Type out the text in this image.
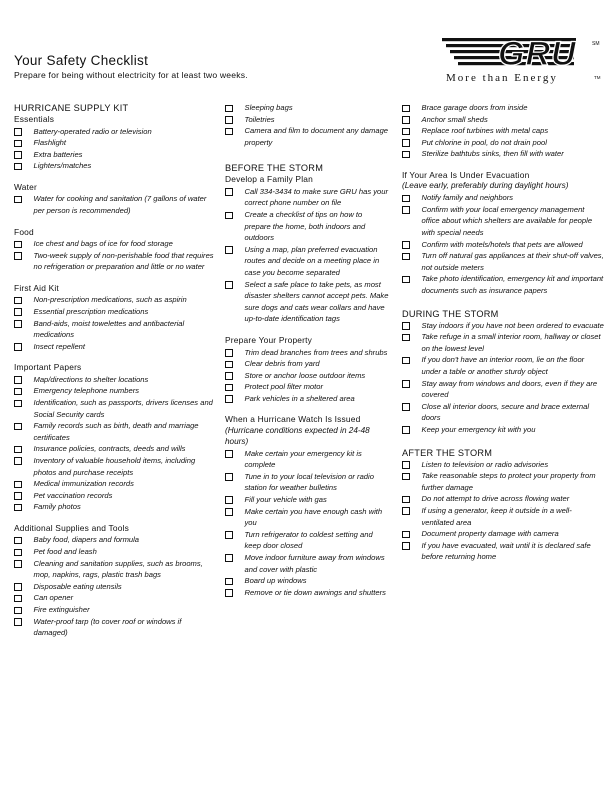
Your Safety Checklist
Prepare for being without electricity for at least two weeks.
GRU	SM
TM
More than Energy
HURRICANE SUPPLY KIT
Essentials
Battery-operated radio or television
Flashlight
Extra batteries
Lighters/matches
Water
Water for cooking and sanitation (7 gallons of water per person is recommended)
Food
Ice chest and bags of ice for food storage
Two-week supply of non-perishable food that requires no refrigeration or preparation and little or no water
First Aid Kit
Non-prescription medications, such as aspirin
Essential prescription medications
Band-aids, moist towelettes and antibacterial medications
Insect repellent
Important Papers
Map/directions to shelter locations
Emergency telephone numbers
Identification, such as passports, drivers licenses and Social Security cards
Family records such as birth, death and marriage certificates
Insurance policies, contracts, deeds and wills
Inventory of valuable household items, including photos and purchase receipts
Medical immunization records
Pet vaccination records
Family photos
Additional Supplies and Tools
Baby food, diapers and formula
Pet food and leash
Cleaning and sanitation supplies, such as brooms, mop, napkins, rags, plastic trash bags
Disposable eating utensils
Can opener
Fire extinguisher
Water-proof tarp (to cover roof or windows if damaged)
Sleeping bags
Toiletries
Camera and film to document any damage property
BEFORE THE STORM
Develop a Family Plan
Call 334-3434 to make sure GRU has your correct phone number on file
Create a checklist of tips on how to prepare the home, both indoors and outdoors
Using a map, plan preferred evacuation routes and decide on a meeting place in case you become separated
Select a safe place to take pets, as most disaster shelters cannot accept pets. Make sure dogs and cats wear collars and have up-to-date identification tags
Prepare Your Property
Trim dead branches from trees and shrubs
Clear debris from yard
Store or anchor loose outdoor items
Protect pool filter motor
Park vehicles in a sheltered area
When a Hurricane Watch Is Issued
(Hurricane conditions expected in 24-48 hours)
Make certain your emergency kit is complete
Tune in to your local television or radio station for weather bulletins
Fill your vehicle with gas
Make certain you have enough cash with you
Turn refrigerator to coldest setting and keep door closed
Move indoor furniture away from windows and cover with plastic
Board up windows
Remove or tie down awnings and shutters
Brace garage doors from inside
Anchor small sheds
Replace roof turbines with metal caps
Put chlorine in pool, do not drain pool
Sterilize bathtubs sinks, then fill with water
If Your Area Is Under Evacuation
(Leave early, preferably during daylight hours)
Notify family and neighbors
Confirm with your local emergency management office about which shelters are available for people with special needs
Confirm with motels/hotels that pets are allowed
Turn off natural gas appliances at their shut-off valves, not outside meters
Take photo identification, emergency kit and important documents such as insurance papers
DURING THE STORM
Stay indoors if you have not been ordered to evacuate
Take refuge in a small interior room, hallway or closet on the lowest level
If you don't have an interior room, lie on the floor under a table or another sturdy object
Stay away from windows and doors, even if they are covered
Close all interior doors, secure and brace external doors
Keep your emergency kit with you
AFTER THE STORM
Listen to television or radio advisories
Take reasonable steps to protect your property from further damage
Do not attempt to drive across flowing water
If using a generator, keep it outside in a well-ventilated area
Document property damage with camera
If you have evacuated, wait until it is declared safe before returning home
